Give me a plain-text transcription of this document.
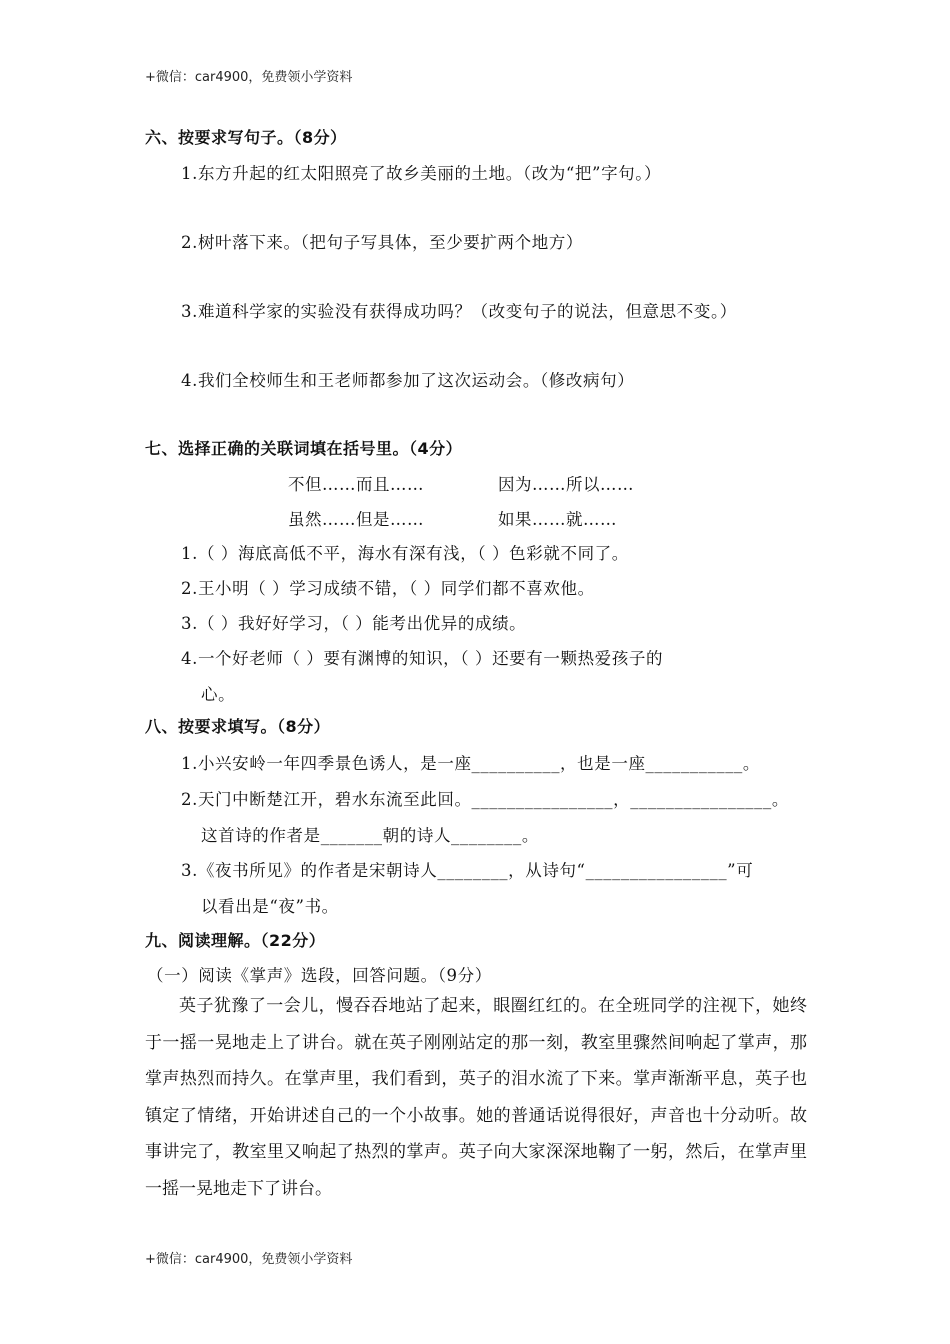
+微信：car4900，免费领小学资料
六、按要求写句子。（8分）
1.东方升起的红太阳照亮了故乡美丽的土地。（改为“把”字句。）
2.树叶落下来。（把句子写具体，至少要扩两个地方）
3.难道科学家的实验没有获得成功吗？（改变句子的说法，但意思不变。）
4.我们全校师生和王老师都参加了这次运动会。（修改病句）
七、选择正确的关联词填在括号里。（4分）
不但……而且……	因为……所以……
虽然……但是……	如果……就……
1.（ ）海底高低不平，海水有深有浅，（ ）色彩就不同了。
2.王小明（ ）学习成绩不错，（ ）同学们都不喜欢他。
3.（ ）我好好学习，（ ）能考出优异的成绩。
4.一个好老师（ ）要有渊博的知识，（ ）还要有一颗热爱孩子的
心。
八、按要求填写。（8分）
1.小兴安岭一年四季景色诱人，是一座__________，也是一座___________。
2.天门中断楚江开，碧水东流至此回。________________，________________。
这首诗的作者是_______朝的诗人________。
3.《夜书所见》的作者是宋朝诗人________，从诗句“________________”可
以看出是“夜”书。
九、阅读理解。（22分）
（一）阅读《掌声》选段，回答问题。（9分）

英子犹豫了一会儿，慢吞吞地站了起来，眼圈红红的。在全班同学的注视下，她终于一摇一晃地走上了讲台。就在英子刚刚站定的那一刻，教室里骤然间响起了掌声，那掌声热烈而持久。在掌声里，我们看到，英子的泪水流了下来。掌声渐渐平息，英子也镇定了情绪，开始讲述自己的一个小故事。她的普通话说得很好，声音也十分动听。故事讲完了，教室里又响起了热烈的掌声。英子向大家深深地鞠了一躬，然后，在掌声里一摇一晃地走下了讲台。

+微信：car4900，免费领小学资料
